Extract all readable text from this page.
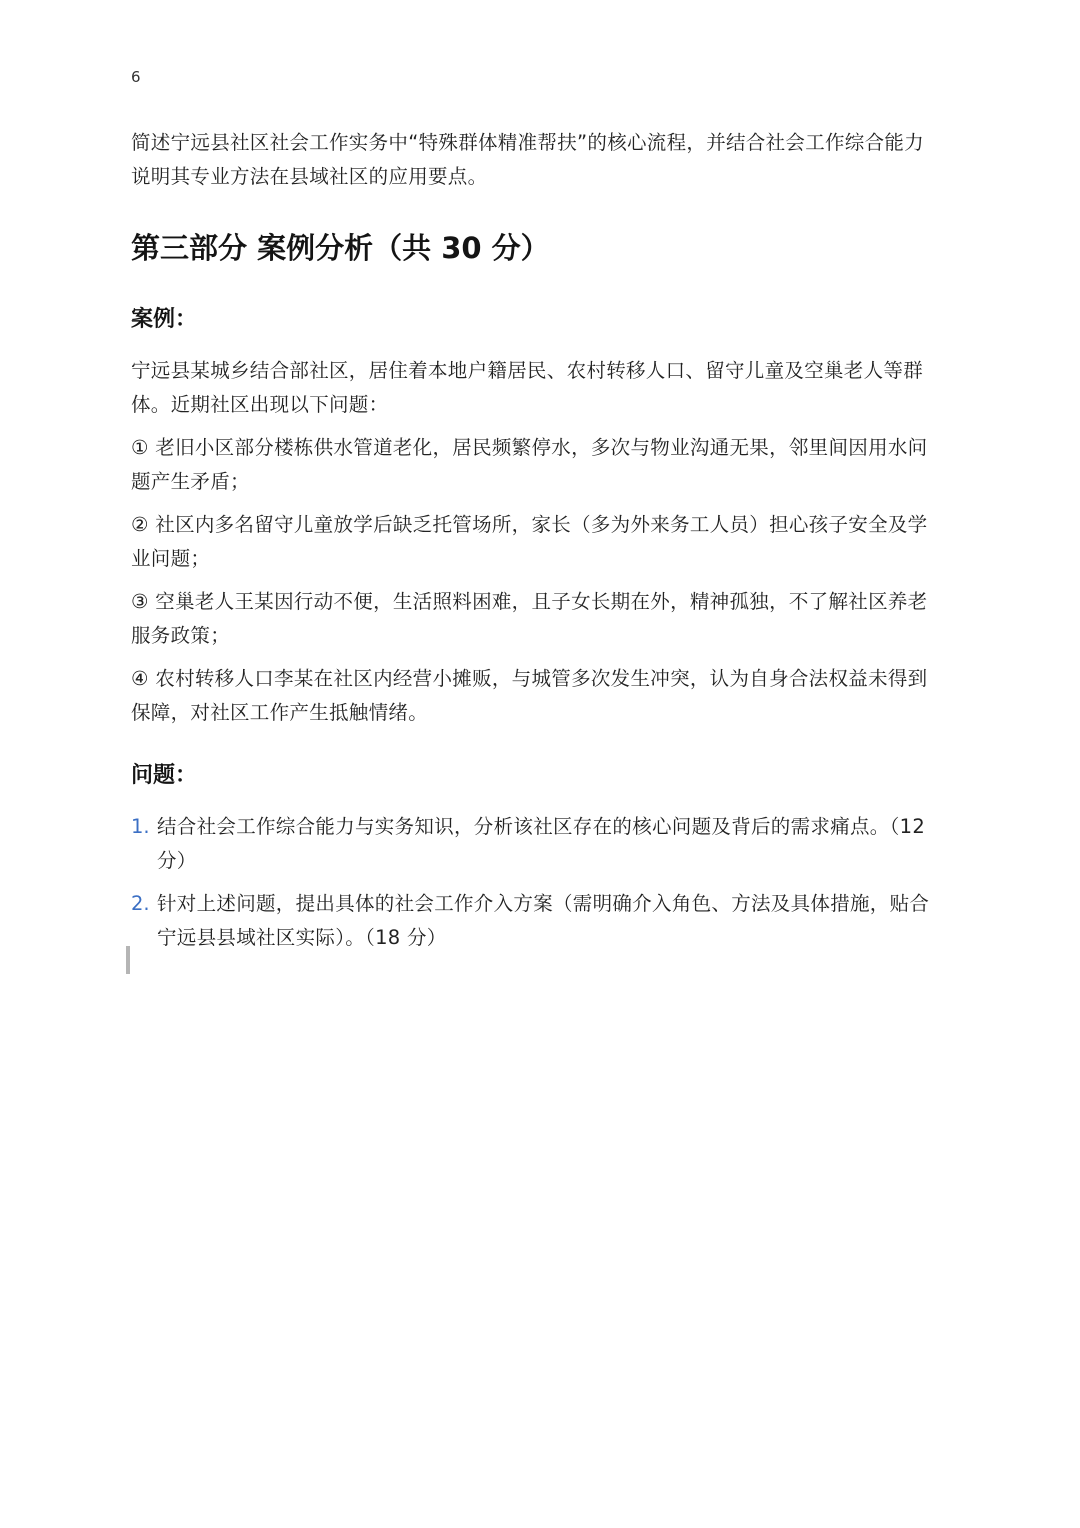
6

简述宁远县社区社会工作实务中“特殊群体精准帮扶”的核心流程，并结合社会工作综合能力说明其专业方法在县域社区的应用要点。

第三部分 案例分析（共 30 分）
案例：

宁远县某城乡结合部社区，居住着本地户籍居民、农村转移人口、留守儿童及空巢老人等群体。近期社区出现以下问题：

① 老旧小区部分楼栋供水管道老化，居民频繁停水，多次与物业沟通无果，邻里间因用水问题产生矛盾；

② 社区内多名留守儿童放学后缺乏托管场所，家长（多为外来务工人员）担心孩子安全及学业问题；

③ 空巢老人王某因行动不便，生活照料困难，且子女长期在外，精神孤独，不了解社区养老服务政策；

④ 农村转移人口李某在社区内经营小摊贩，与城管多次发生冲突，认为自身合法权益未得到保障，对社区工作产生抵触情绪。

问题：
1. 结合社会工作综合能力与实务知识，分析该社区存在的核心问题及背后的需求痛点。（12 分）
2. 针对上述问题，提出具体的社会工作介入方案（需明确介入角色、方法及具体措施，贴合宁远县县域社区实际）。（18 分）
